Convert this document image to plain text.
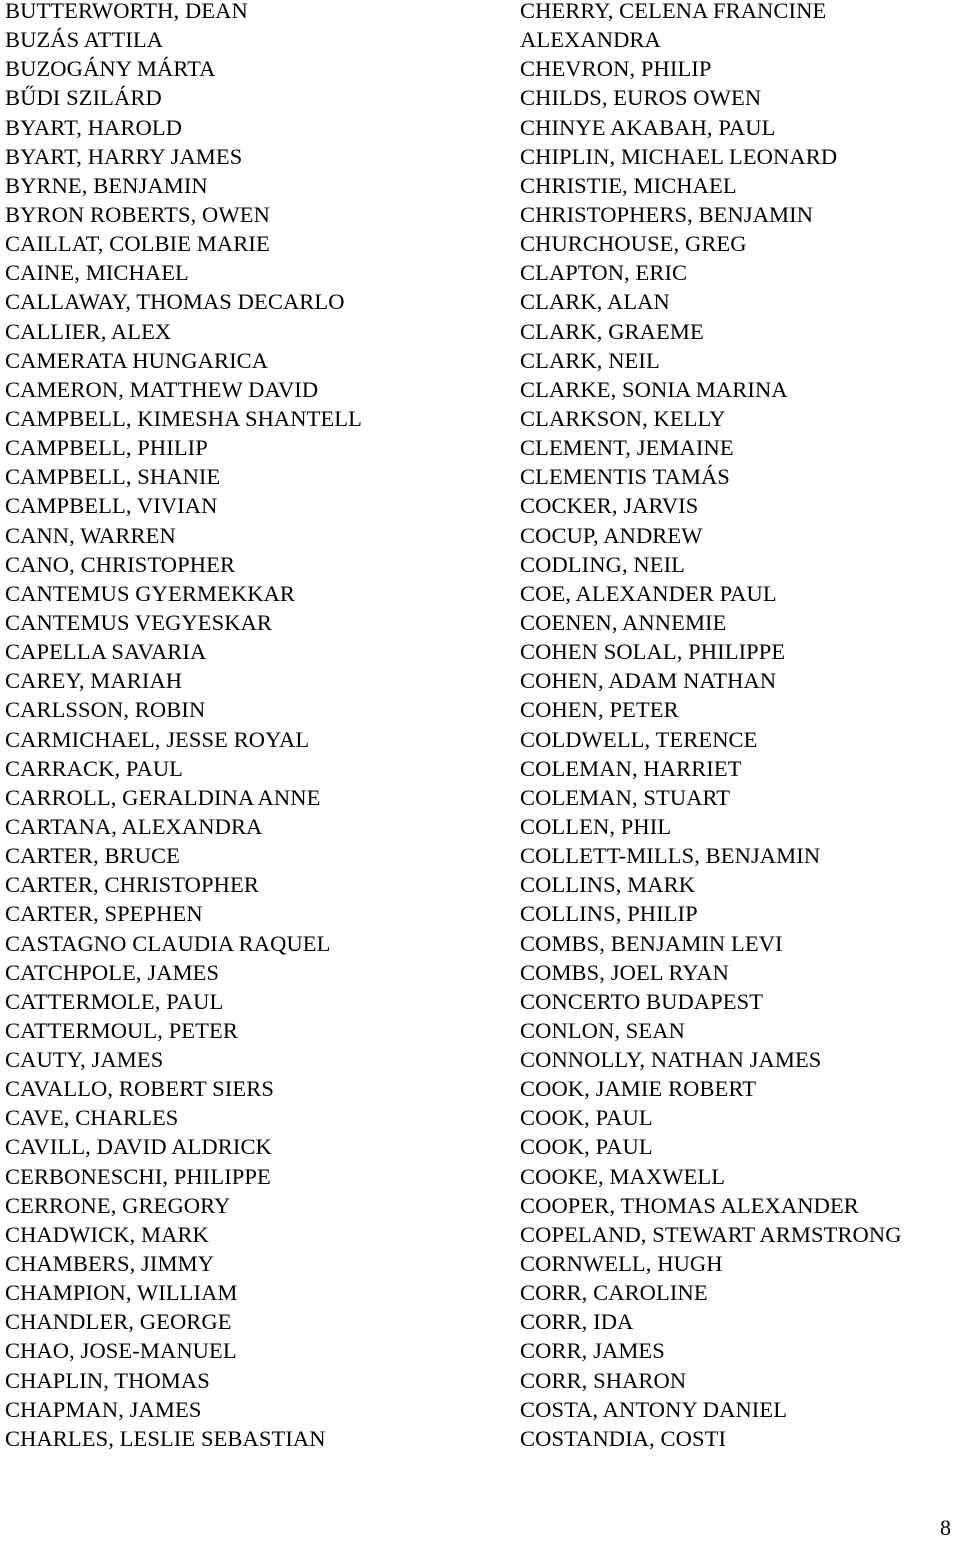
BUTTERWORTH, DEAN
BUZÁS ATTILA
BUZOGÁNY MÁRTA
BŰDI SZILÁRD
BYART, HAROLD
BYART, HARRY JAMES
BYRNE, BENJAMIN
BYRON ROBERTS, OWEN
CAILLAT, COLBIE MARIE
CAINE, MICHAEL
CALLAWAY, THOMAS DECARLO
CALLIER, ALEX
CAMERATA HUNGARICA
CAMERON, MATTHEW DAVID
CAMPBELL, KIMESHA SHANTELL
CAMPBELL, PHILIP
CAMPBELL, SHANIE
CAMPBELL, VIVIAN
CANN, WARREN
CANO, CHRISTOPHER
CANTEMUS GYERMEKKAR
CANTEMUS VEGYESKAR
CAPELLA SAVARIA
CAREY, MARIAH
CARLSSON, ROBIN
CARMICHAEL, JESSE ROYAL
CARRACK, PAUL
CARROLL, GERALDINA ANNE
CARTANA, ALEXANDRA
CARTER, BRUCE
CARTER, CHRISTOPHER
CARTER, SPEPHEN
CASTAGNO CLAUDIA RAQUEL
CATCHPOLE, JAMES
CATTERMOLE, PAUL
CATTERMOUL, PETER
CAUTY, JAMES
CAVALLO, ROBERT SIERS
CAVE, CHARLES
CAVILL, DAVID ALDRICK
CERBONESCHI, PHILIPPE
CERRONE, GREGORY
CHADWICK, MARK
CHAMBERS, JIMMY
CHAMPION, WILLIAM
CHANDLER, GEORGE
CHAO, JOSE-MANUEL
CHAPLIN, THOMAS
CHAPMAN, JAMES
CHARLES, LESLIE SEBASTIAN
CHERRY, CELENA FRANCINE
ALEXANDRA
CHEVRON, PHILIP
CHILDS, EUROS OWEN
CHINYE AKABAH, PAUL
CHIPLIN, MICHAEL LEONARD
CHRISTIE, MICHAEL
CHRISTOPHERS, BENJAMIN
CHURCHOUSE, GREG
CLAPTON, ERIC
CLARK, ALAN
CLARK, GRAEME
CLARK, NEIL
CLARKE, SONIA MARINA
CLARKSON, KELLY
CLEMENT, JEMAINE
CLEMENTIS TAMÁS
COCKER, JARVIS
COCUP, ANDREW
CODLING, NEIL
COE, ALEXANDER PAUL
COENEN, ANNEMIE
COHEN SOLAL, PHILIPPE
COHEN, ADAM NATHAN
COHEN, PETER
COLDWELL, TERENCE
COLEMAN, HARRIET
COLEMAN, STUART
COLLEN, PHIL
COLLETT-MILLS, BENJAMIN
COLLINS, MARK
COLLINS, PHILIP
COMBS, BENJAMIN LEVI
COMBS, JOEL RYAN
CONCERTO BUDAPEST
CONLON, SEAN
CONNOLLY, NATHAN JAMES
COOK, JAMIE ROBERT
COOK, PAUL
COOK, PAUL
COOKE, MAXWELL
COOPER, THOMAS ALEXANDER
COPELAND, STEWART ARMSTRONG
CORNWELL, HUGH
CORR, CAROLINE
CORR, IDA
CORR, JAMES
CORR, SHARON
COSTA, ANTONY DANIEL
COSTANDIA, COSTI
8
